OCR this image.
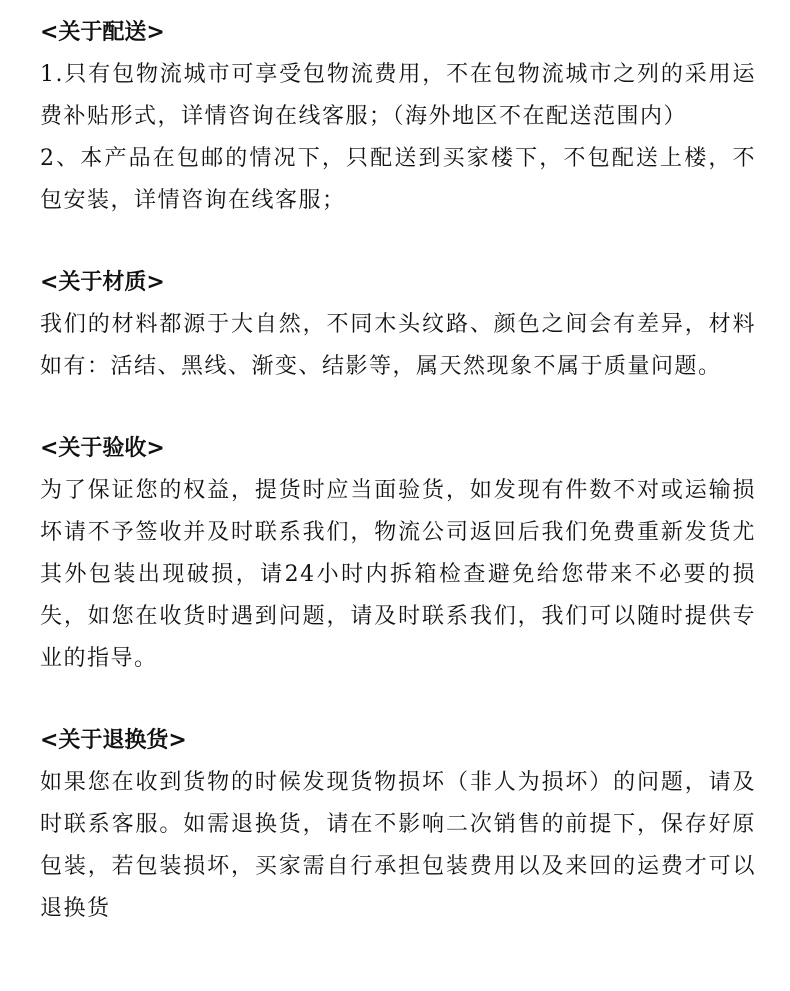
<关于配送>

1.只有包物流城市可享受包物流费用，不在包物流城市之列的采用运费补贴形式，详情咨询在线客服；（海外地区不在配送范围内）

2、本产品在包邮的情况下，只配送到买家楼下，不包配送上楼，不包安装，详情咨询在线客服；

<关于材质>

我们的材料都源于大自然，不同木头纹路、颜色之间会有差异，材料如有：活结、黑线、渐变、结影等，属天然现象不属于质量问题。

<关于验收>

为了保证您的权益，提货时应当面验货，如发现有件数不对或运输损坏请不予签收并及时联系我们，物流公司返回后我们免费重新发货尤其外包装出现破损，请24小时内拆箱检查避免给您带来不必要的损失，如您在收货时遇到问题，请及时联系我们，我们可以随时提供专业的指导。

<关于退换货>

如果您在收到货物的时候发现货物损坏（非人为损坏）的问题，请及时联系客服。如需退换货，请在不影响二次销售的前提下，保存好原包装，若包装损坏，买家需自行承担包装费用以及来回的运费才可以退换货
